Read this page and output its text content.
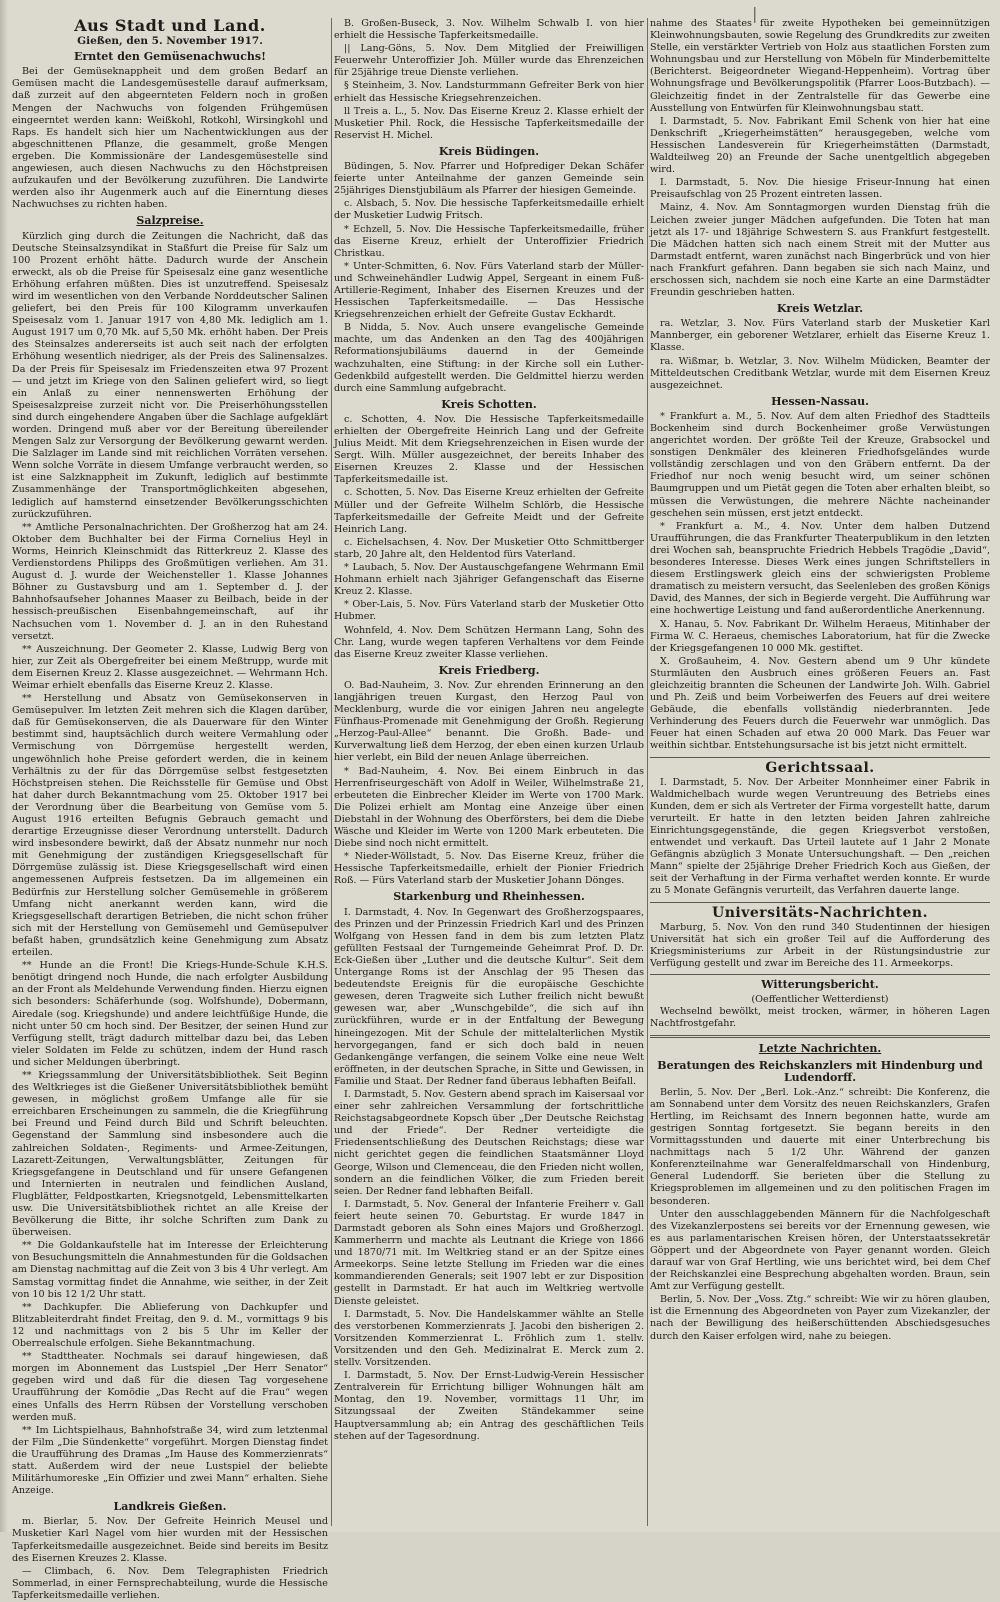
|
Aus Stadt und Land.
Gießen, den 5. November 1917.
Erntet den Gemüsenachwuchs!

Bei der Gemüseknappheit und dem großen Bedarf an Gemüsen macht die Landesgemüsestelle darauf aufmerksam, daß zurzeit auf den abgeernteten Feldern noch in großen Mengen der Nachwuchs von folgenden Frühgemüsen eingeerntet werden kann: Weißkohl, Rotkohl, Wirsingkohl und Raps. Es handelt sich hier um Nachentwicklungen aus der abgeschnittenen Pflanze, die gesammelt, große Mengen ergeben. Die Kommissionäre der Landesgemüsestelle sind angewiesen, auch diesen Nachwuchs zu den Höchstpreisen aufzukaufen und der Bevölkerung zuzuführen. Die Landwirte werden also ihr Augenmerk auch auf die Einerntung dieses Nachwuchses zu richten haben.

Salzpreise.

Kürzlich ging durch die Zeitungen die Nachricht, daß das Deutsche Steinsalzsyndikat in Staßfurt die Preise für Salz um 100 Prozent erhöht hätte. Dadurch wurde der Anschein erweckt, als ob die Preise für Speisesalz eine ganz wesentliche Erhöhung erfahren müßten. Dies ist unzutreffend. Speisesalz wird im wesentlichen von den Verbande Norddeutscher Salinen geliefert, bei den Preis für 100 Kilogramm unverkaufen Speisesalz vom 1. Januar 1917 von 4,80 Mk. lediglich am 1. August 1917 um 0,70 Mk. auf 5,50 Mk. erhöht haben. Der Preis des Steinsalzes andererseits ist auch seit nach der erfolgten Erhöhung wesentlich niedriger, als der Preis des Salinensalzes. Da der Preis für Speisesalz im Friedenszeiten etwa 97 Prozent — und jetzt im Kriege von den Salinen geliefert wird, so liegt ein Anlaß zu einer nennenswerten Erhöhung der Speisesalzpreise zurzeit nicht vor. Die Preiserhöhungsstellen sind durch eingehendere Angaben über die Sachlage aufgeklärt worden. Dringend muß aber vor der Bereitung übereilender Mengen Salz zur Versorgung der Bevölkerung gewarnt werden. Die Salzlager im Lande sind mit reichlichen Vorräten versehen. Wenn solche Vorräte in diesem Umfange verbraucht werden, so ist eine Salzknappheit im Zukunft, lediglich auf bestimmte Zusammenhänge der Transportmöglichkeiten abgesehen, lediglich auf hamsternd einsetzender Bevölkerungsschichten zurückzuführen.

** Amtliche Personalnachrichten. Der Großherzog hat am 24. Oktober dem Buchhalter bei der Firma Cornelius Heyl in Worms, Heinrich Kleinschmidt das Ritterkreuz 2. Klasse des Verdienstordens Philipps des Großmütigen verliehen. Am 31. August d. J. wurde der Weichensteller 1. Klasse Johannes Böhner zu Gustavsburg und am 1. September d. J. der Bahnhofsaufseher Johannes Maaser zu Beilbach, beide in der hessisch-preußischen Eisenbahngemeinschaft, auf ihr Nachsuchen vom 1. November d. J. an in den Ruhestand versetzt.

** Auszeichnung. Der Geometer 2. Klasse, Ludwig Berg von hier, zur Zeit als Obergefreiter bei einem Meßtrupp, wurde mit dem Eisernen Kreuz 2. Klasse ausgezeichnet. — Wehrmann Hch. Weimar erhielt ebenfalls das Eiserne Kreuz 2. Klasse.

** Herstellung und Absatz von Gemüsekonserven in Gemüsepulver. Im letzten Zeit mehren sich die Klagen darüber, daß für Gemüsekonserven, die als Dauerware für den Winter bestimmt sind, hauptsächlich durch weitere Vermahlung oder Vermischung von Dörrgemüse hergestellt werden, ungewöhnlich hohe Preise gefordert werden, die in keinem Verhältnis zu der für das Dörrgemüse selbst festgesetzten Höchstpreisen stehen. Die Reichsstelle für Gemüse und Obst hat daher durch Bekanntmachung vom 25. Oktober 1917 bei der Verordnung über die Bearbeitung von Gemüse vom 5. August 1916 erteilten Befugnis Gebrauch gemacht und derartige Erzeugnisse dieser Verordnung unterstellt. Dadurch wird insbesondere bewirkt, daß der Absatz nunmehr nur noch mit Genehmigung der zuständigen Kriegsgesellschaft für Dörrgemüse zulässig ist. Diese Kriegsgesellschaft wird einen angemessenen Aufpreis festsetzen. Da im allgemeinen ein Bedürfnis zur Herstellung solcher Gemüsemehle in größerem Umfang nicht anerkannt werden kann, wird die Kriegsgesellschaft derartigen Betrieben, die nicht schon früher sich mit der Herstellung von Gemüsemehl und Gemüsepulver befaßt haben, grundsätzlich keine Genehmigung zum Absatz erteilen.

** Hunde an die Front! Die Kriegs-Hunde-Schule K.H.S. benötigt dringend noch Hunde, die nach erfolgter Ausbildung an der Front als Meldehunde Verwendung finden. Hierzu eignen sich besonders: Schäferhunde (sog. Wolfshunde), Dobermann, Airedale (sog. Kriegshunde) und andere leichtfüßige Hunde, die nicht unter 50 cm hoch sind. Der Besitzer, der seinen Hund zur Verfügung stellt, trägt dadurch mittelbar dazu bei, das Leben vieler Soldaten im Felde zu schützen, indem der Hund rasch und sicher Meldungen überbringt.

** Kriegssammlung der Universitätsbibliothek. Seit Beginn des Weltkrieges ist die Gießener Universitätsbibliothek bemüht gewesen, in möglichst großem Umfange alle für sie erreichbaren Erscheinungen zu sammeln, die die Kriegführung bei Freund und Feind durch Bild und Schrift beleuchten. Gegenstand der Sammlung sind insbesondere auch die zahlreichen Soldaten-, Regiments- und Armee-Zeitungen, Lazarett-Zeitungen, Verwaltungsblätter, Zeitungen für Kriegsgefangene in Deutschland und für unsere Gefangenen und Internierten in neutralen und feindlichen Ausland, Flugblätter, Feldpostkarten, Kriegsnotgeld, Lebensmittelkarten usw. Die Universitätsbibliothek richtet an alle Kreise der Bevölkerung die Bitte, ihr solche Schriften zum Dank zu überweisen.

** Die Goldankaufstelle hat im Interesse der Erleichterung von Besuchungsmitteln die Annahmestunden für die Goldsachen am Dienstag nachmittag auf die Zeit von 3 bis 4 Uhr verlegt. Am Samstag vormittag findet die Annahme, wie seither, in der Zeit von 10 bis 12 1/2 Uhr statt.

** Dachkupfer. Die Ablieferung von Dachkupfer und Blitzableiterdraht findet Freitag, den 9. d. M., vormittags 9 bis 12 und nachmittags von 2 bis 5 Uhr im Keller der Oberrealschule erfolgen. Siehe Bekanntmachung.

** Stadttheater. Nochmals sei darauf hingewiesen, daß morgen im Abonnement das Lustspiel „Der Herr Senator“ gegeben wird und daß für die diesen Tag vorgesehene Uraufführung der Komödie „Das Recht auf die Frau“ wegen eines Unfalls des Herrn Rübsen der Vorstellung verschoben werden muß.

** Im Lichtspielhaus, Bahnhofstraße 34, wird zum letztenmal der Film „Die Sündenkette“ vorgeführt. Morgen Dienstag findet die Uraufführung des Dramas „Im Hause des Kommerzienrats“ statt. Außerdem wird der neue Lustspiel der beliebte Militärhumoreske „Ein Offizier und zwei Mann“ erhalten. Siehe Anzeige.

Landkreis Gießen.

m. Bierlar, 5. Nov. Der Gefreite Heinrich Meusel und Musketier Karl Nagel vom hier wurden mit der Hessischen Tapferkeitsmedaille ausgezeichnet. Beide sind bereits im Besitz des Eisernen Kreuzes 2. Klasse.

— Climbach, 6. Nov. Dem Telegraphisten Friedrich Sommerlad, in einer Fernsprechabteilung, wurde die Hessische Tapferkeitsmedaille verliehen.

B. Großen-Buseck, 3. Nov. Wilhelm Schwalb I. von hier erhielt die Hessische Tapferkeitsmedaille.

|| Lang-Göns, 5. Nov. Dem Mitglied der Freiwilligen Feuerwehr Unteroffizier Joh. Müller wurde das Ehrenzeichen für 25jährige treue Dienste verliehen.

§ Steinheim, 3. Nov. Landsturmmann Gefreiter Berk von hier erhielt das Hessische Kriegsehrenzeichen.

ll Treis a. L., 5. Nov. Das Eiserne Kreuz 2. Klasse erhielt der Musketier Phil. Rock, die Hessische Tapferkeitsmedaille der Reservist H. Michel.

Kreis Büdingen.

Büdingen, 5. Nov. Pfarrer und Hofprediger Dekan Schäfer feierte unter Anteilnahme der ganzen Gemeinde sein 25jähriges Dienstjubiläum als Pfarrer der hiesigen Gemeinde.

c. Alsbach, 5. Nov. Die hessische Tapferkeitsmedaille erhielt der Musketier Ludwig Fritsch.

* Echzell, 5. Nov. Die Hessische Tapferkeitsmedaille, früher das Eiserne Kreuz, erhielt der Unteroffizier Friedrich Christkau.

* Unter-Schmitten, 6. Nov. Fürs Vaterland starb der Müller- und Schweinehändler Ludwig Appel, Sergeant in einem Fuß-Artillerie-Regiment, Inhaber des Eisernen Kreuzes und der Hessischen Tapferkeitsmedaille. — Das Hessische Kriegsehrenzeichen erhielt der Gefreite Gustav Eckhardt.

B Nidda, 5. Nov. Auch unsere evangelische Gemeinde machte, um das Andenken an den Tag des 400jährigen Reformationsjubiläums dauernd in der Gemeinde wachzuhalten, eine Stiftung: in der Kirche soll ein Luther-Gedenkbild aufgestellt werden. Die Geldmittel hierzu werden durch eine Sammlung aufgebracht.

Kreis Schotten.

c. Schotten, 4. Nov. Die Hessische Tapferkeitsmedaille erhielten der Obergefreite Heinrich Lang und der Gefreite Julius Meidt. Mit dem Kriegsehrenzeichen in Eisen wurde der Sergt. Wilh. Müller ausgezeichnet, der bereits Inhaber des Eisernen Kreuzes 2. Klasse und der Hessischen Tapferkeitsmedaille ist.

c. Schotten, 5. Nov. Das Eiserne Kreuz erhielten der Gefreite Müller und der Gefreite Wilhelm Schlörb, die Hessische Tapferkeitsmedaille der Gefreite Meidt und der Gefreite Heinrich Lang.

c. Eichelsachsen, 4. Nov. Der Musketier Otto Schmittberger starb, 20 Jahre alt, den Heldentod fürs Vaterland.

* Laubach, 5. Nov. Der Austauschgefangene Wehrmann Emil Hohmann erhielt nach 3jähriger Gefangenschaft das Eiserne Kreuz 2. Klasse.

* Ober-Lais, 5. Nov. Fürs Vaterland starb der Musketier Otto Hubmer.

Wohnfeld, 4. Nov. Dem Schützen Hermann Lang, Sohn des Chr. Lang, wurde wegen tapferen Verhaltens vor dem Feinde das Eiserne Kreuz zweiter Klasse verliehen.

Kreis Friedberg.

O. Bad-Nauheim, 3. Nov. Zur ehrenden Erinnerung an den langjährigen treuen Kurgast, den Herzog Paul von Mecklenburg, wurde die vor einigen Jahren neu angelegte Fünfhaus-Promenade mit Genehmigung der Großh. Regierung „Herzog-Paul-Allee“ benannt. Die Großh. Bade- und Kurverwaltung ließ dem Herzog, der eben einen kurzen Urlaub hier verlebt, ein Bild der neuen Anlage überreichen.

* Bad-Nauheim, 4. Nov. Bei einem Einbruch in das Herrenfriseurgeschäft von Adolf in Weiler, Wilhelmstraße 21, erbeuteten die Einbrecher Kleider im Werte von 1700 Mark. Die Polizei erhielt am Montag eine Anzeige über einen Diebstahl in der Wohnung des Oberförsters, bei dem die Diebe Wäsche und Kleider im Werte von 1200 Mark erbeuteten. Die Diebe sind noch nicht ermittelt.

* Nieder-Wöllstadt, 5. Nov. Das Eiserne Kreuz, früher die Hessische Tapferkeitsmedaille, erhielt der Pionier Friedrich Roß. — Fürs Vaterland starb der Musketier Johann Dönges.

Starkenburg und Rheinhessen.

I. Darmstadt, 4. Nov. In Gegenwart des Großherzogspaares, des Prinzen und der Prinzessin Friedrich Karl und des Prinzen Wolfgang von Hessen fand in dem bis zum letzten Platz gefüllten Festsaal der Turngemeinde Geheimrat Prof. D. Dr. Eck-Gießen über „Luther und die deutsche Kultur“. Seit dem Untergange Roms ist der Anschlag der 95 Thesen das bedeutendste Ereignis für die europäische Geschichte gewesen, deren Tragweite sich Luther freilich nicht bewußt gewesen war, aber „Wunschgebilde“, die sich auf ihn zurückführen, wurde er in der Entfaltung der Bewegung hineingezogen. Mit der Schule der mittelalterlichen Mystik hervorgegangen, fand er sich doch bald in neuen Gedankengänge verfangen, die seinem Volke eine neue Welt eröffneten, in der deutschen Sprache, in Sitte und Gewissen, in Familie und Staat. Der Redner fand überaus lebhaften Beifall.

I. Darmstadt, 5. Nov. Gestern abend sprach im Kaisersaal vor einer sehr zahlreichen Versammlung der fortschrittliche Reichstagsabgeordnete Kopsch über „Der Deutsche Reichstag und der Friede“. Der Redner verteidigte die Friedensentschließung des Deutschen Reichstags; diese war nicht gerichtet gegen die feindlichen Staatsmänner Lloyd George, Wilson und Clemenceau, die den Frieden nicht wollen, sondern an die feindlichen Völker, die zum Frieden bereit seien. Der Redner fand lebhaften Beifall.

I. Darmstadt, 5. Nov. General der Infanterie Freiherr v. Gall feiert heute seinen 70. Geburtstag. Er wurde 1847 in Darmstadt geboren als Sohn eines Majors und Großherzogl. Kammerherrn und machte als Leutnant die Kriege von 1866 und 1870/71 mit. Im Weltkrieg stand er an der Spitze eines Armeekorps. Seine letzte Stellung im Frieden war die eines kommandierenden Generals; seit 1907 lebt er zur Disposition gestellt in Darmstadt. Er hat auch im Weltkrieg wertvolle Dienste geleistet.

I. Darmstadt, 5. Nov. Die Handelskammer wählte an Stelle des verstorbenen Kommerzienrats J. Jacobi den bisherigen 2. Vorsitzenden Kommerzienrat L. Fröhlich zum 1. stellv. Vorsitzenden und den Geh. Medizinalrat E. Merck zum 2. stellv. Vorsitzenden.

I. Darmstadt, 5. Nov. Der Ernst-Ludwig-Verein Hessischer Zentralverein für Errichtung billiger Wohnungen hält am Montag, den 19. November, vormittags 11 Uhr, im Sitzungssaal der Zweiten Ständekammer seine Hauptversammlung ab; ein Antrag des geschäftlichen Teils stehen auf der Tagesordnung.

nahme des Staates für zweite Hypotheken bei gemeinnützigen Kleinwohnungsbauten, sowie Regelung des Grundkredits zur zweiten Stelle, ein verstärkter Vertrieb von Holz aus staatlichen Forsten zum Wohnungsbau und zur Herstellung von Möbeln für Minderbemittelte (Berichterst. Beigeordneter Wiegand-Heppenheim). Vortrag über Wohnungsfrage und Bevölkerungspolitik (Pfarrer Loos-Butzbach). — Gleichzeitig findet in der Zentralstelle für das Gewerbe eine Ausstellung von Entwürfen für Kleinwohnungsbau statt.

I. Darmstadt, 5. Nov. Fabrikant Emil Schenk von hier hat eine Denkschrift „Kriegerheimstätten“ herausgegeben, welche vom Hessischen Landesverein für Kriegerheimstätten (Darmstadt, Waldteilweg 20) an Freunde der Sache unentgeltlich abgegeben wird.

I. Darmstadt, 5. Nov. Die hiesige Friseur-Innung hat einen Preisaufschlag von 25 Prozent eintreten lassen.

Mainz, 4. Nov. Am Sonntagmorgen wurden Dienstag früh die Leichen zweier junger Mädchen aufgefunden. Die Toten hat man jetzt als 17- und 18jährige Schwestern S. aus Frankfurt festgestellt. Die Mädchen hatten sich nach einem Streit mit der Mutter aus Darmstadt entfernt, waren zunächst nach Bingerbrück und von hier nach Frankfurt gefahren. Dann begaben sie sich nach Mainz, und erschossen sich, nachdem sie noch eine Karte an eine Darmstädter Freundin geschrieben hatten.

Kreis Wetzlar.

ra. Wetzlar, 3. Nov. Fürs Vaterland starb der Musketier Karl Mannberger, ein geborener Wetzlarer, erhielt das Eiserne Kreuz 1. Klasse.

ra. Wißmar, b. Wetzlar, 3. Nov. Wilhelm Müdicken, Beamter der Mitteldeutschen Creditbank Wetzlar, wurde mit dem Eisernen Kreuz ausgezeichnet.

Hessen-Nassau.

* Frankfurt a. M., 5. Nov. Auf dem alten Friedhof des Stadtteils Bockenheim sind durch Bockenheimer große Verwüstungen angerichtet worden. Der größte Teil der Kreuze, Grabsockel und sonstigen Denkmäler des kleineren Friedhofsgeländes wurde vollständig zerschlagen und von den Gräbern entfernt. Da der Friedhof nur noch wenig besucht wird, um seiner schönen Baumgruppen und um Pietät gegen die Toten aber erhalten bleibt, so müssen die Verwüstungen, die mehrere Nächte nacheinander geschehen sein müssen, erst jetzt entdeckt.

* Frankfurt a. M., 4. Nov. Unter dem halben Dutzend Uraufführungen, die das Frankfurter Theaterpublikum in den letzten drei Wochen sah, beanspruchte Friedrich Hebbels Tragödie „David“, besonderes Interesse. Dieses Werk eines jungen Schriftstellers in diesem Erstlingswerk gleich eins der schwierigsten Probleme dramatisch zu meistern versucht, das Seelenleben des großen Königs David, des Mannes, der sich in Begierde vergeht. Die Aufführung war eine hochwertige Leistung und fand außerordentliche Anerkennung.

X. Hanau, 5. Nov. Fabrikant Dr. Wilhelm Heraeus, Mitinhaber der Firma W. C. Heraeus, chemisches Laboratorium, hat für die Zwecke der Kriegsgefangenen 10 000 Mk. gestiftet.

X. Großauheim, 4. Nov. Gestern abend um 9 Uhr kündete Sturmläuten den Ausbruch eines größeren Feuers an. Fast gleichzeitig brannten die Scheunen der Landwirte Joh. Wilh. Gabriel und Ph. Zeiß und beim Vorbeiwerfen des Feuers auf drei weitere Gebäude, die ebenfalls vollständig niederbrannten. Jede Verhinderung des Feuers durch die Feuerwehr war unmöglich. Das Feuer hat einen Schaden auf etwa 20 000 Mark. Das Feuer war weithin sichtbar. Entstehungsursache ist bis jetzt nicht ermittelt.

Gerichtssaal.

I. Darmstadt, 5. Nov. Der Arbeiter Monnheimer einer Fabrik in Waldmichelbach wurde wegen Veruntreuung des Betriebs eines Kunden, dem er sich als Vertreter der Firma vorgestellt hatte, darum verurteilt. Er hatte in den letzten beiden Jahren zahlreiche Einrichtungsgegenstände, die gegen Kriegsverbot verstoßen, entwendet und verkauft. Das Urteil lautete auf 1 Jahr 2 Monate Gefängnis abzüglich 3 Monate Untersuchungshaft. — Den „reichen Mann“ spielte der 25jährige Dreher Friedrich Koch aus Gießen, der seit der Verhaftung in der Firma verhaftet werden konnte. Er wurde zu 5 Monate Gefängnis verurteilt, das Verfahren dauerte lange.

Universitäts-Nachrichten.

Marburg, 5. Nov. Von den rund 340 Studentinnen der hiesigen Universität hat sich ein großer Teil auf die Aufforderung des Kriegsministeriums zur Arbeit in der Rüstungsindustrie zur Verfügung gestellt und zwar im Bereiche des 11. Armeekorps.

Witterungsbericht.
(Oeffentlicher Wetterdienst)

Wechselnd bewölkt, meist trocken, wärmer, in höheren Lagen Nachtfrostgefahr.

Letzte Nachrichten.
Beratungen des Reichskanzlers mit Hindenburg und Ludendorff.

Berlin, 5. Nov. Der „Berl. Lok.-Anz.“ schreibt: Die Konferenz, die am Sonnabend unter dem Vorsitz des neuen Reichskanzlers, Grafen Hertling, im Reichsamt des Innern begonnen hatte, wurde am gestrigen Sonntag fortgesetzt. Sie begann bereits in den Vormittagsstunden und dauerte mit einer Unterbrechung bis nachmittags nach 5 1/2 Uhr. Während der ganzen Konferenzteilnahme war Generalfeldmarschall von Hindenburg, General Ludendorff. Sie berieten über die Stellung zu Kriegsproblemen im allgemeinen und zu den politischen Fragen im besonderen.

Unter den ausschlaggebenden Männern für die Nachfolgeschaft des Vizekanzlerpostens sei bereits vor der Ernennung gewesen, wie es aus parlamentarischen Kreisen hören, der Unterstaatssekretär Göppert und der Abgeordnete von Payer genannt worden. Gleich darauf war von Graf Hertling, wie uns berichtet wird, bei dem Chef der Reichskanzlei eine Besprechung abgehalten worden. Braun, sein Amt zur Verfügung gestellt.

Berlin, 5. Nov. Der „Voss. Ztg.“ schreibt: Wie wir zu hören glauben, ist die Ernennung des Abgeordneten von Payer zum Vizekanzler, der nach der Bewilligung des heißerschüttenden Abschiedsgesuches durch den Kaiser erfolgen wird, nahe zu beiegen.
